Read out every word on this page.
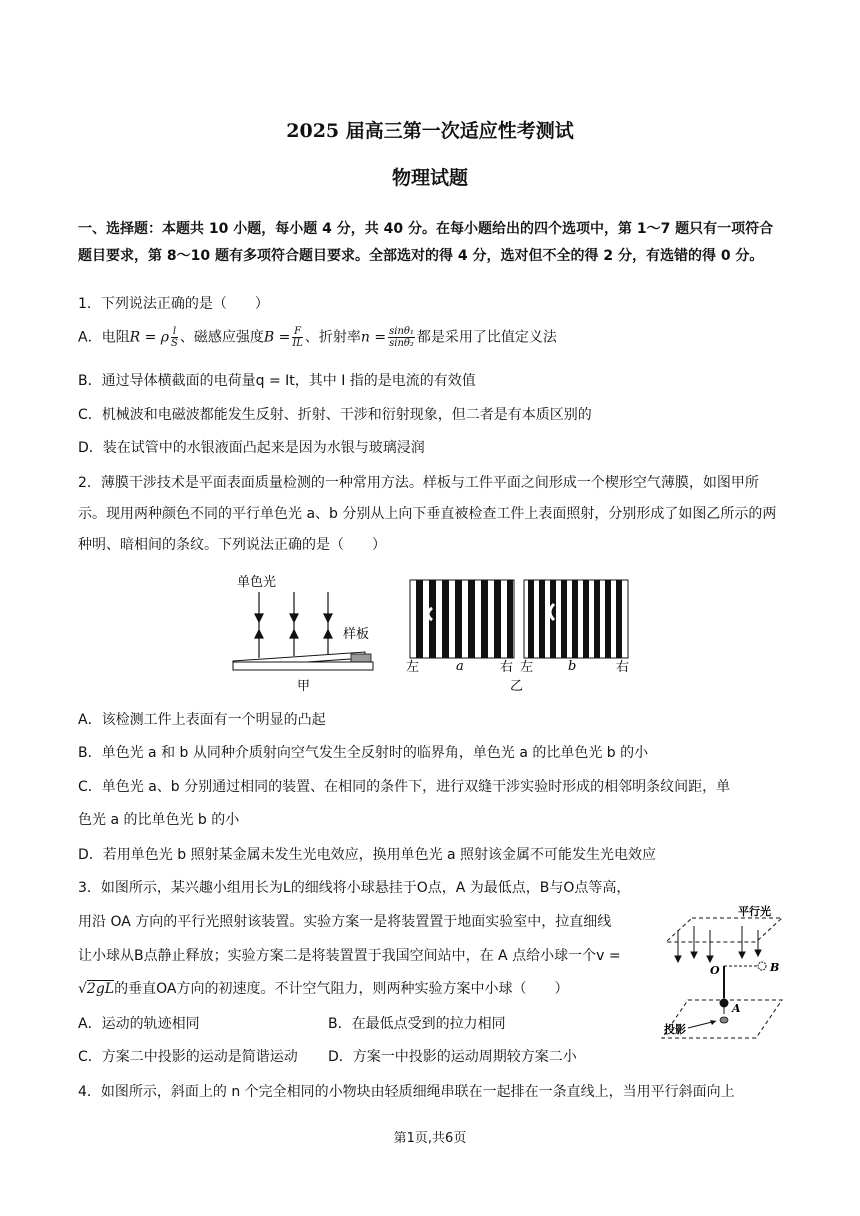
2025 届高三第一次适应性考测试
物理试题
一、选择题：本题共 10 小题，每小题 4 分，共 40 分。在每小题给出的四个选项中，第 1～7 题只有一项符合题目要求，第 8～10 题有多项符合题目要求。全部选对的得 4 分，选对但不全的得 2 分，有选错的得 0 分。
1．下列说法正确的是（　　）
A．电阻R = ρ $\frac{l}{S}$ 、磁感应强度$B = \frac{F}{IL}$ 、折射率$n = \frac{\text{sinθ₁}}{\text{sinθ₂}}$ 都是采用了比值定义法
B．通过导体横截面的电荷量q = It，其中 I 指的是电流的有效值
C．机械波和电磁波都能发生反射、折射、干涉和衍射现象，但二者是有本质区别的
D．装在试管中的水银液面凸起来是因为水银与玻璃浸润
2．薄膜干涉技术是平面表面质量检测的一种常用方法。样板与工件平面之间形成一个楔形空气薄膜，如图甲所示。现用两种颜色不同的平行单色光 a、b 分别从上向下垂直被检查工件上表面照射，分别形成了如图乙所示的两种明、暗相间的条纹。下列说法正确的是（　　）
单色光
样板
甲
左	a	右 左	b	右
乙
A．该检测工件上表面有一个明显的凸起
B．单色光 a 和 b 从同种介质射向空气发生全反射时的临界角，单色光 a 的比单色光 b 的小
C．单色光 a、b 分别通过相同的装置、在相同的条件下，进行双缝干涉实验时形成的相邻明条纹间距，单
色光 a 的比单色光 b 的小
D．若用单色光 b 照射某金属未发生光电效应，换用单色光 a 照射该金属不可能发生光电效应
3．如图所示，某兴趣小组用长为L的细线将小球悬挂于O点，A 为最低点，B与O点等高，
用沿 OA 方向的平行光照射该装置。实验方案一是将装置置于地面实验室中，拉直细线
让小球从B点静止释放；实验方案二是将装置置于我国空间站中，在 A 点给小球一个v =
√2gL的垂直OA方向的初速度。不计空气阻力，则两种实验方案中小球（　　）
A．运动的轨迹相同	B．在最低点受到的拉力相同
C．方案二中投影的运动是简谐运动 D．方案一中投影的运动周期较方案二小
平行光
O	B
A
投影
4．如图所示，斜面上的 n 个完全相同的小物块由轻质细绳串联在一起排在一条直线上，当用平行斜面向上
第1页,共6页
